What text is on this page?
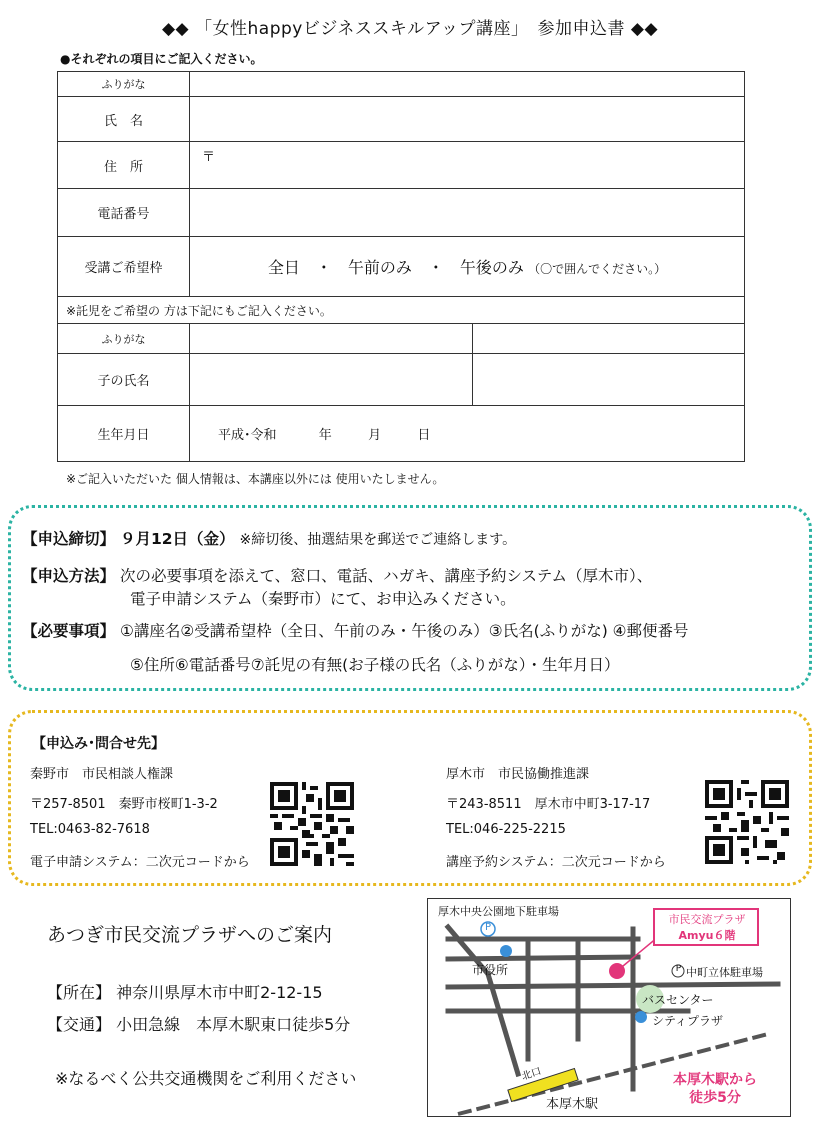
◆◆ 「女性happyビジネススキルアップ講座」　参加申込書 ◆◆
●それぞれの項目にご記入ください。
ふりがな	
氏　名	
住　所	〒
電話番号	
受講ご希望枠	全日　・　午前のみ　・　午後のみ （〇で囲んでください。）
※託児をご希望の 方は下記にもご記入ください。	
ふりがな	

子の氏名	

生年月日	平成･令和 年 月 日
※ご記入いただいた 個人情報は、本講座以外には 使用いたしません。
【申込締切】 ９月12日（金） ※締切後、抽選結果を郵送でご連絡します。
【申込方法】 次の必要事項を添えて、窓口、電話、ハガキ、講座予約システム（厚木市）、
電子申請システム（秦野市）にて、お申込みください。
【必要事項】 ①講座名②受講希望枠（全日、午前のみ・午後のみ）③氏名(ふりがな) ④郵便番号
⑤住所⑥電話番号⑦託児の有無(お子様の氏名（ふりがな）・生年月日）
【申込み･問合せ先】
秦野市　市民相談人権課
〒257-8501　秦野市桜町1-3-2
TEL:0463-82-7618
電子申請システム：二次元コードから
厚木市　市民協働推進課
〒243-8511　厚木市中町3-17-17
TEL:046-225-2215
講座予約システム：二次元コードから
あつぎ市民交流プラザへのご案内
【所在】 神奈川県厚木市中町2-12-15
【交通】 小田急線　本厚木駅東口徒歩5分
※なるべく公共交通機関をご利用ください
厚木中央公園地下駐車場
P
市民交流プラザ
Amyu６階
市役所	P 中町立体駐車場
バスセンター
シティプラザ
北口
本厚木駅
本厚木駅から
徒歩5分
